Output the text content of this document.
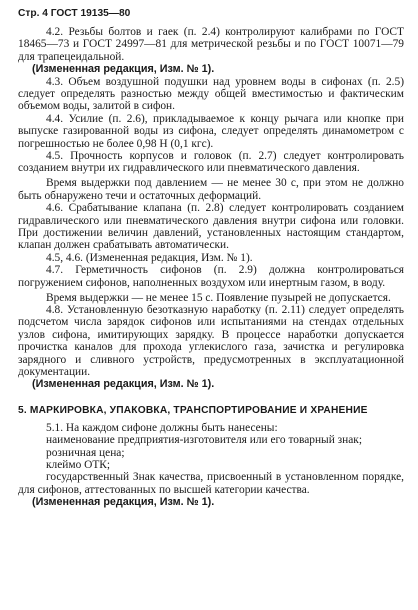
Стр. 4 ГОСТ 19135—80

4.2. Резьбы болтов и гаек (п. 2.4) контролируют калибрами по ГОСТ 18465—73 и ГОСТ 24997—81 для метрической резьбы и по ГОСТ 10071—79 для трапецеидальной.

(Измененная редакция, Изм. № 1).

4.3. Объем воздушной подушки над уровнем воды в сифонах (п. 2.5) следует определять разностью между общей вместимостью и фактическим объемом воды, залитой в сифон.

4.4. Усилие (п. 2.6), прикладываемое к концу рычага или кнопке при выпуске газированной воды из сифона, следует определять динамометром с погрешностью не более 0,98 Н (0,1 кгс).

4.5. Прочность корпусов и головок (п. 2.7) следует контролировать созданием внутри их гидравлического или пневматического давления.

Время выдержки под давлением — не менее 30 с, при этом не должно быть обнаружено течи и остаточных деформаций.

4.6. Срабатывание клапана (п. 2.8) следует контролировать созданием гидравлического или пневматического давления внутри сифона или головки. При достижении величин давлений, установленных настоящим стандартом, клапан должен срабатывать автоматически.

4.5, 4.6. (Измененная редакция, Изм. № 1).

4.7. Герметичность сифонов (п. 2.9) должна контролироваться погружением сифонов, наполненных воздухом или инертным газом, в воду.

Время выдержки — не менее 15 с. Появление пузырей не допускается.

4.8. Установленную безотказную наработку (п. 2.11) следует определять подсчетом числа зарядок сифонов или испытаниями на стендах отдельных узлов сифона, имитирующих зарядку. В процессе наработки допускается прочистка каналов для прохода углекислого газа, зачистка и регулировка зарядного и сливного устройств, предусмотренных в эксплуатационной документации.

(Измененная редакция, Изм. № 1).

5. МАРКИРОВКА, УПАКОВКА, ТРАНСПОРТИРОВАНИЕ И ХРАНЕНИЕ

5.1. На каждом сифоне должны быть нанесены:

наименование предприятия-изготовителя или его товарный знак;

розничная цена;

клеймо ОТК;

государственный Знак качества, присвоенный в установленном порядке, для сифонов, аттестованных по высшей категории качества.

(Измененная редакция, Изм. № 1).
